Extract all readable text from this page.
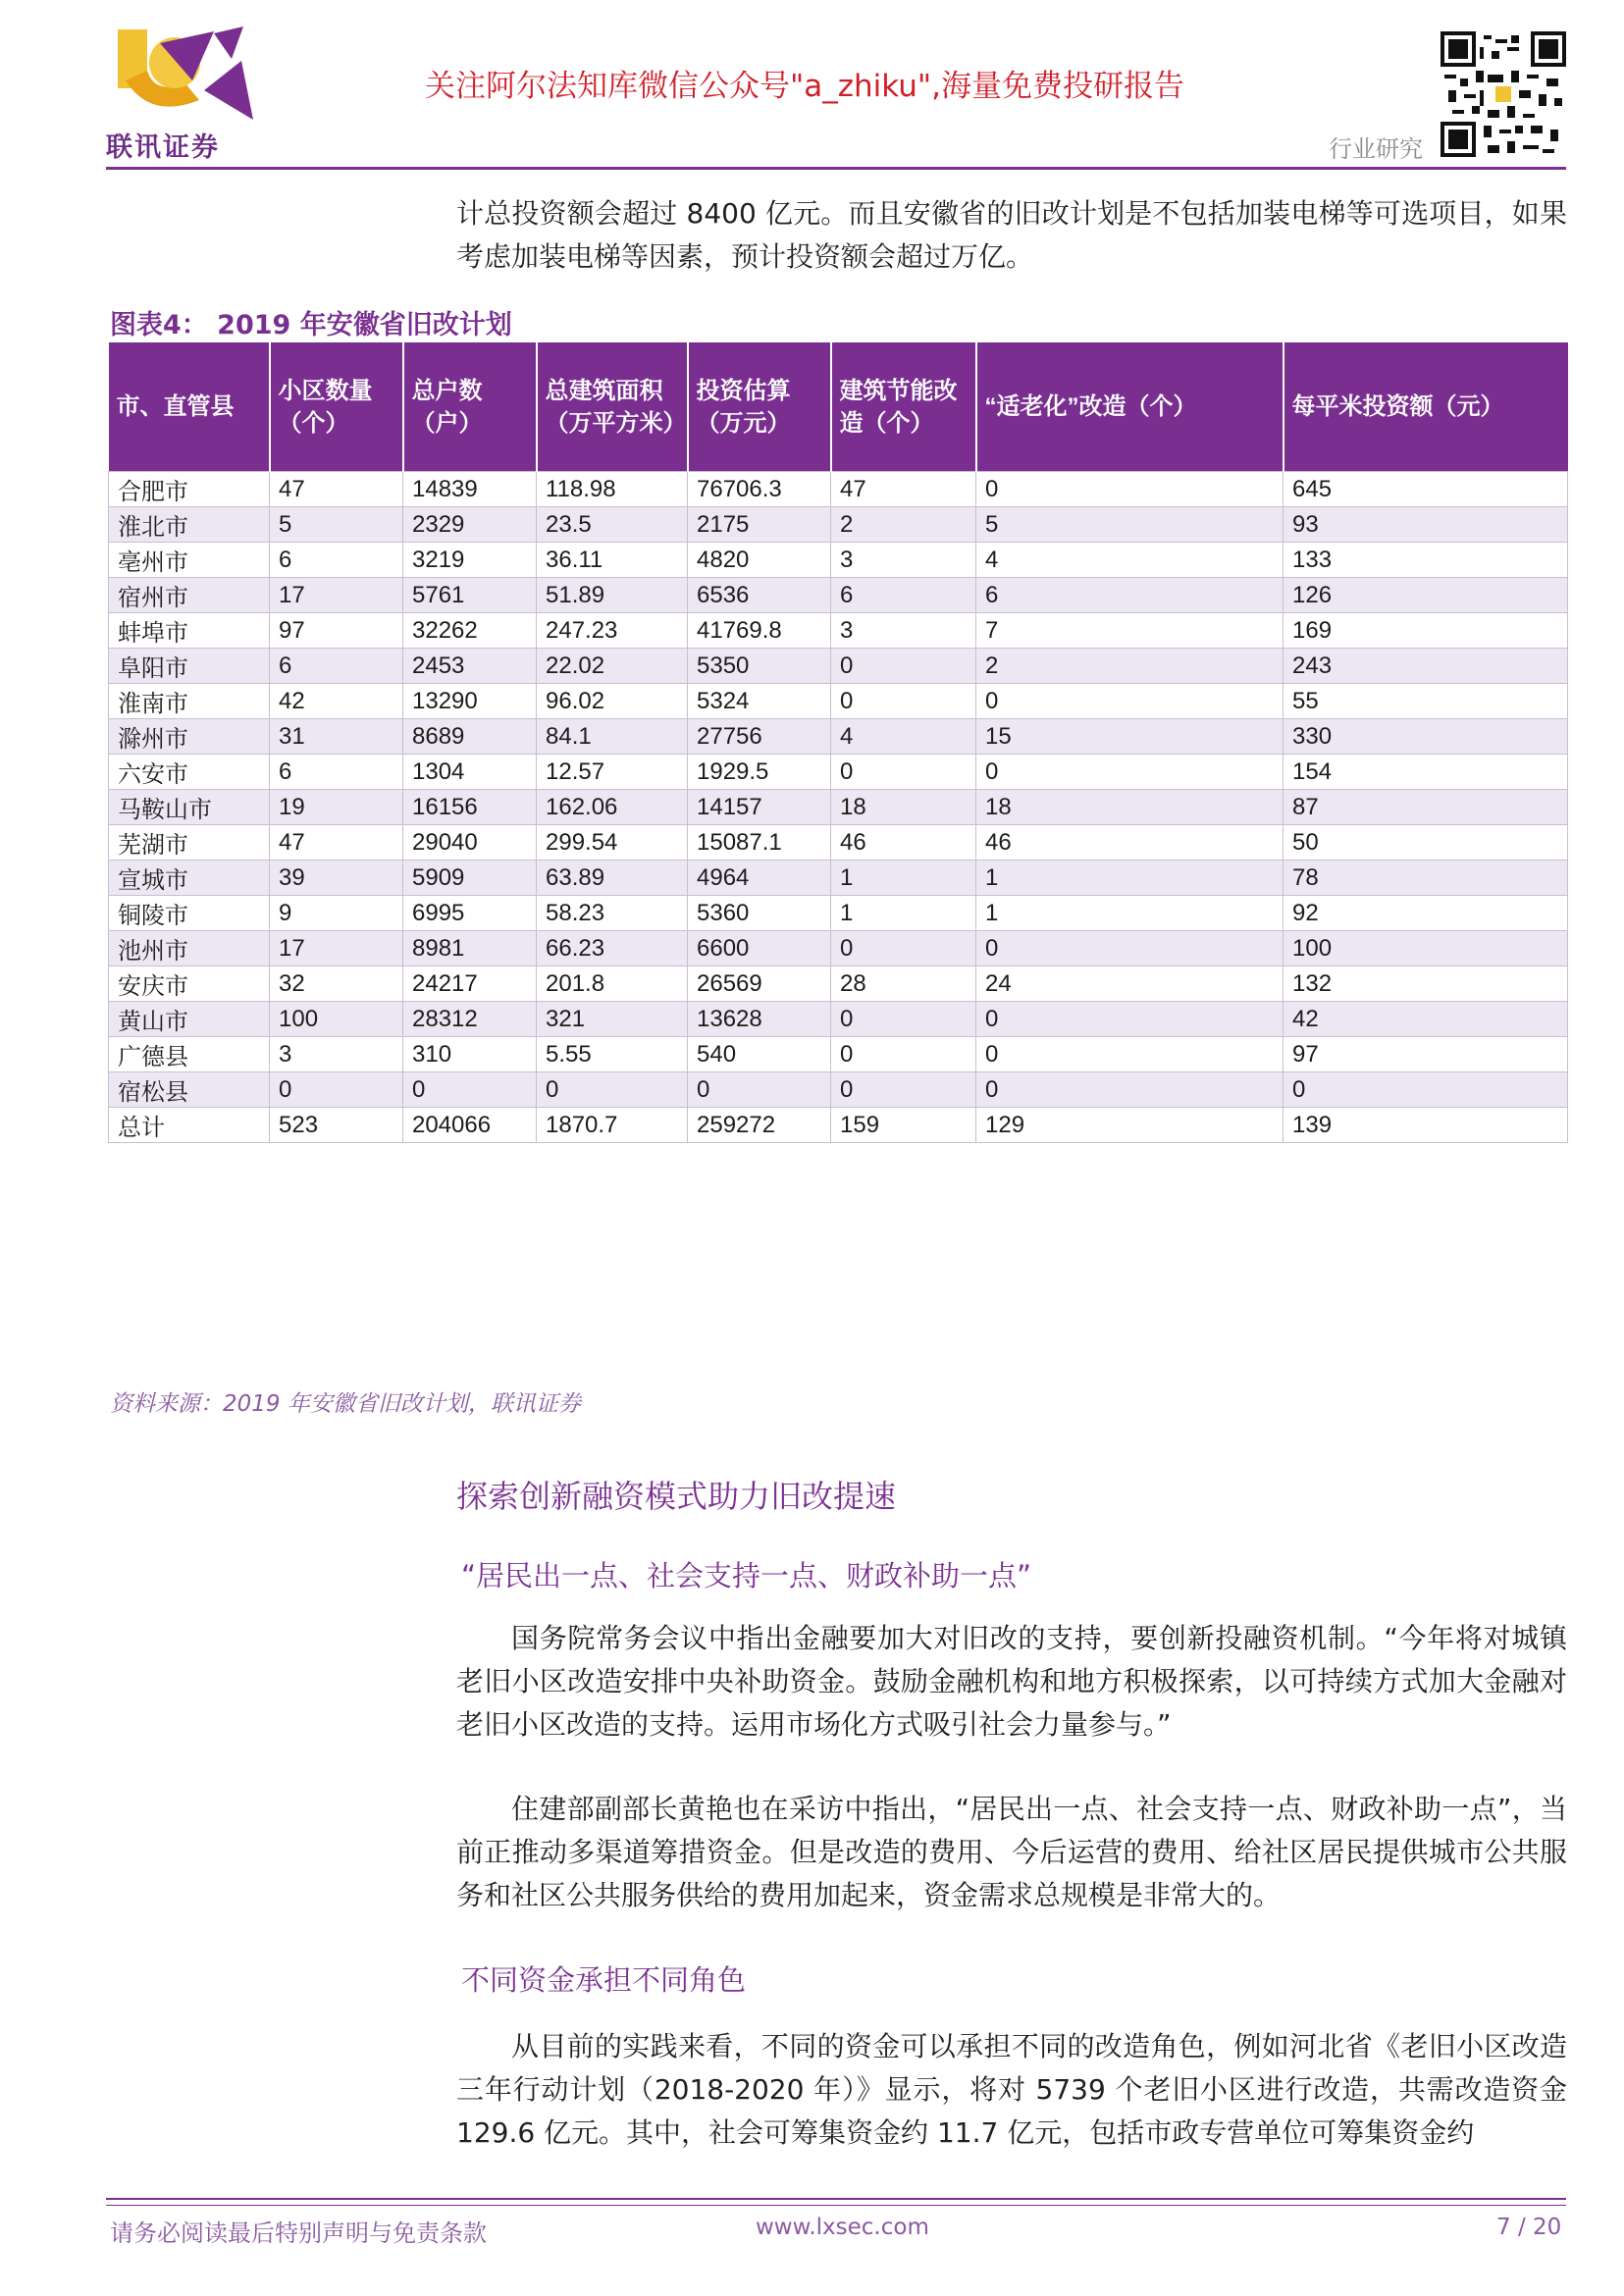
联讯证券
关注阿尔法知库微信公众号"a_zhiku",海量免费投研报告
行业研究

计总投资额会超过 8400 亿元。而且安徽省的旧改计划是不包括加装电梯等可选项目，如果考虑加装电梯等因素，预计投资额会超过万亿。

图表4： 2019 年安徽省旧改计划
市、直管县	小区数量（个）	总户数（户）	总建筑面积（万平方米）	投资估算（万元）	建筑节能改造（个）	“适老化”改造（个）	每平米投资额（元）
合肥市	47	14839	118.98	76706.3	47	0	645
淮北市	5	2329	23.5	2175	2	5	93
亳州市	6	3219	36.11	4820	3	4	133
宿州市	17	5761	51.89	6536	6	6	126
蚌埠市	97	32262	247.23	41769.8	3	7	169
阜阳市	6	2453	22.02	5350	0	2	243
淮南市	42	13290	96.02	5324	0	0	55
滁州市	31	8689	84.1	27756	4	15	330
六安市	6	1304	12.57	1929.5	0	0	154
马鞍山市	19	16156	162.06	14157	18	18	87
芜湖市	47	29040	299.54	15087.1	46	46	50
宣城市	39	5909	63.89	4964	1	1	78
铜陵市	9	6995	58.23	5360	1	1	92
池州市	17	8981	66.23	6600	0	0	100
安庆市	32	24217	201.8	26569	28	24	132
黄山市	100	28312	321	13628	0	0	42
广德县	3	310	5.55	540	0	0	97
宿松县	0	0	0	0	0	0	0
总计	523	204066	1870.7	259272	159	129	139
资料来源：2019 年安徽省旧改计划，联讯证券
探索创新融资模式助力旧改提速
“居民出一点、社会支持一点、财政补助一点”

国务院常务会议中指出金融要加大对旧改的支持，要创新投融资机制。“今年将对城镇老旧小区改造安排中央补助资金。鼓励金融机构和地方积极探索，以可持续方式加大金融对老旧小区改造的支持。运用市场化方式吸引社会力量参与。”

住建部副部长黄艳也在采访中指出，“居民出一点、社会支持一点、财政补助一点”，当前正推动多渠道筹措资金。但是改造的费用、今后运营的费用、给社区居民提供城市公共服务和社区公共服务供给的费用加起来，资金需求总规模是非常大的。

不同资金承担不同角色

从目前的实践来看，不同的资金可以承担不同的改造角色，例如河北省《老旧小区改造三年行动计划（2018-2020 年）》显示，将对 5739 个老旧小区进行改造，共需改造资金 129.6 亿元。其中，社会可筹集资金约 11.7 亿元，包括市政专营单位可筹集资金约

请务必阅读最后特别声明与免责条款	www.lxsec.com	7 / 20
